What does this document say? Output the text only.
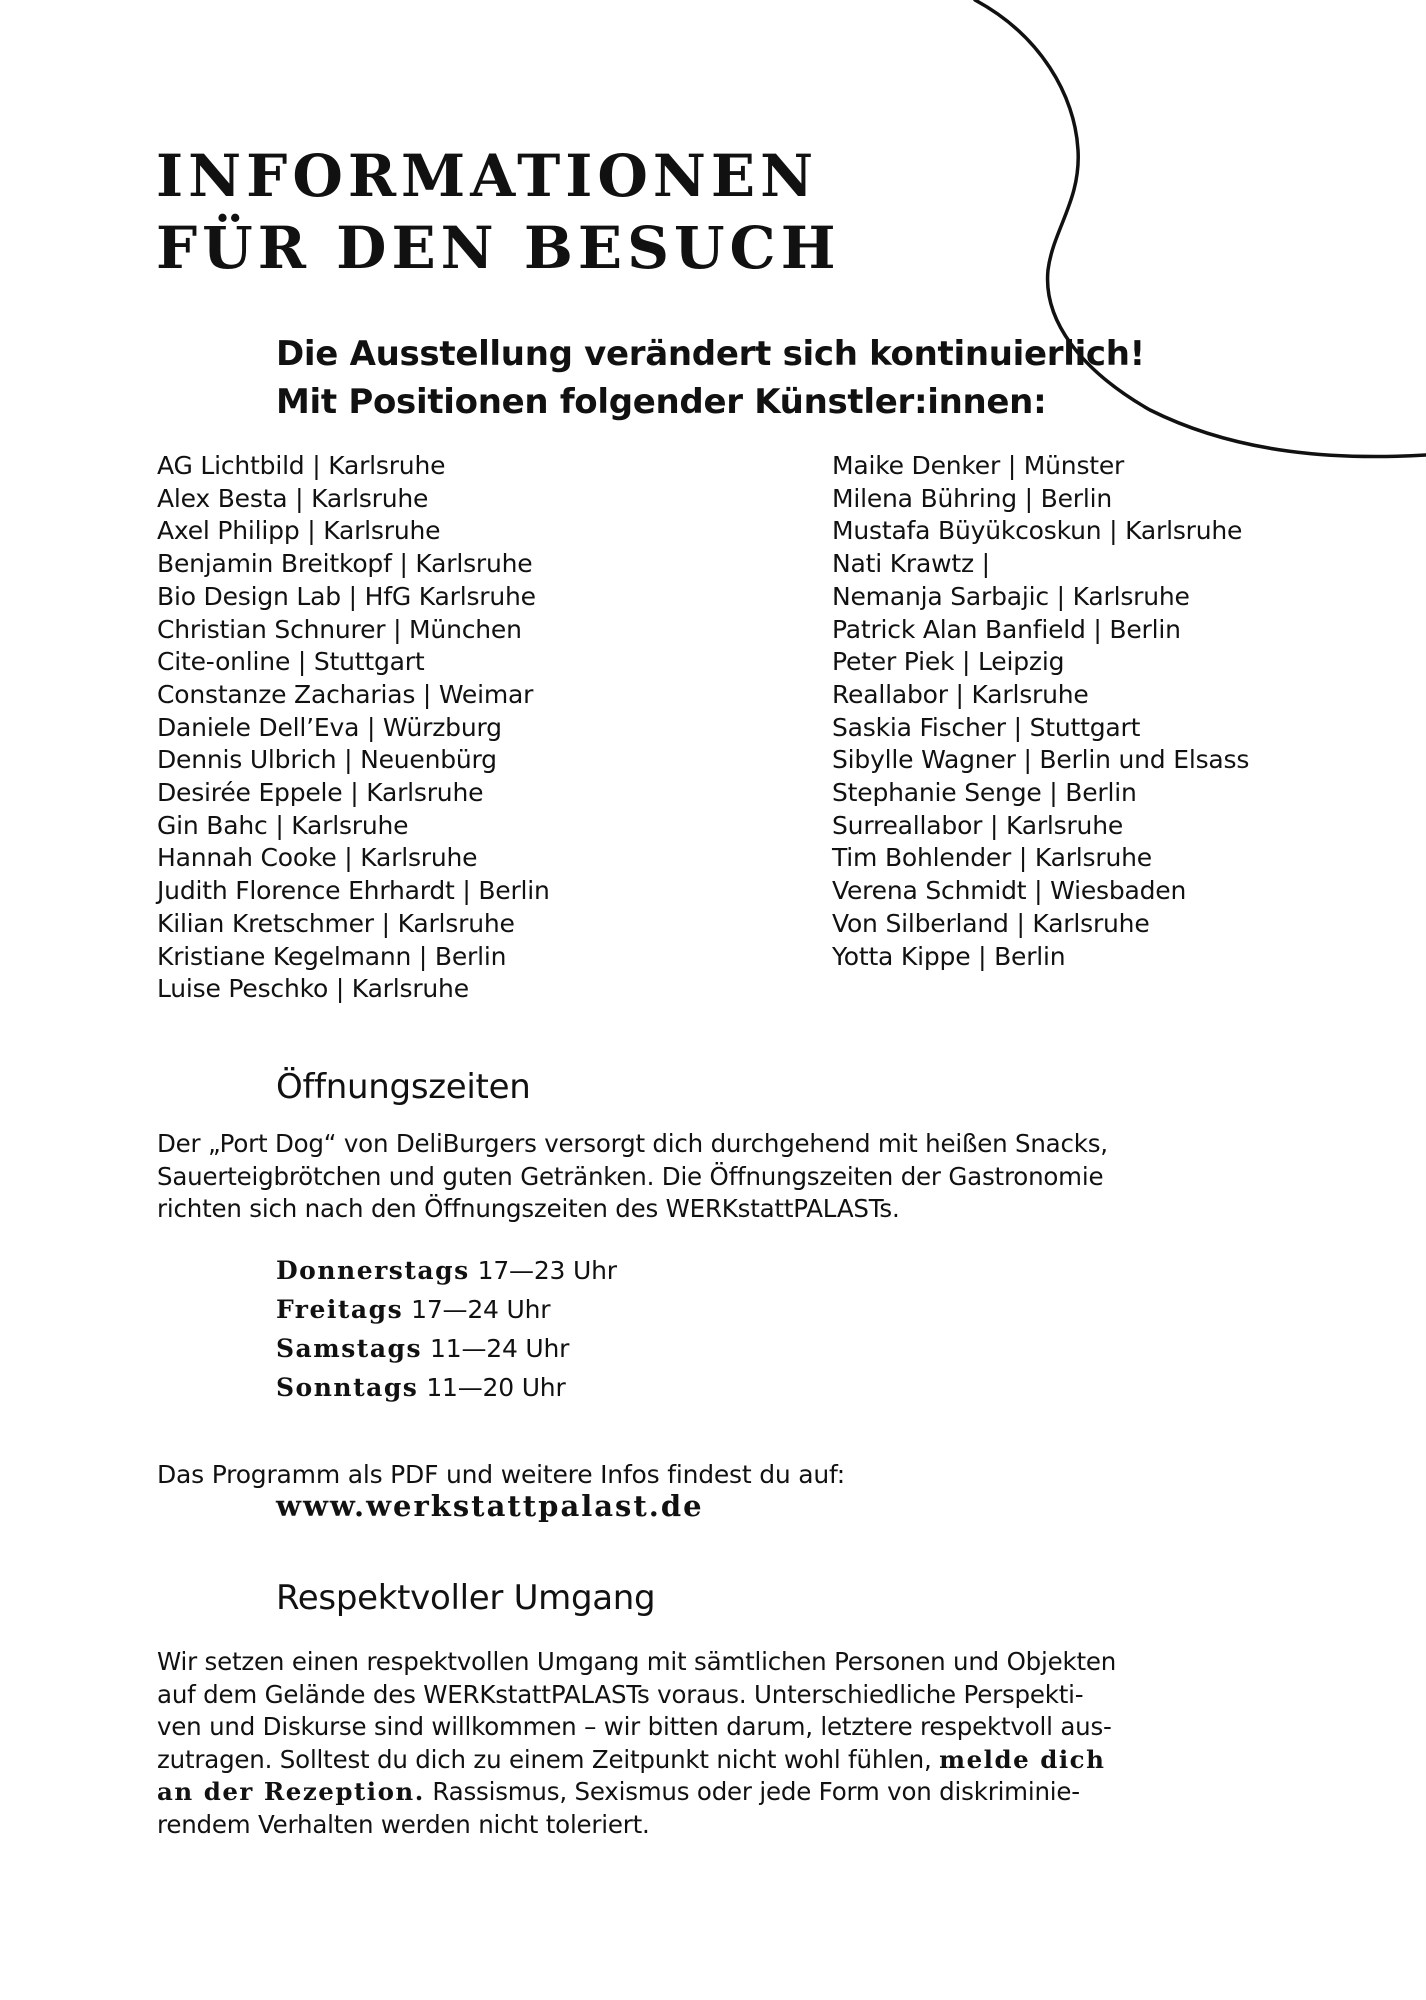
INFORMATIONEN
FÜR DEN BESUCH
Die Ausstellung verändert sich kontinuierlich!
Mit Positionen folgender Künstler:innen:
AG Lichtbild | Karlsruhe
Alex Besta | Karlsruhe
Axel Philipp | Karlsruhe
Benjamin Breitkopf | Karlsruhe
Bio Design Lab | HfG Karlsruhe
Christian Schnurer | München
Cite-online | Stuttgart
Constanze Zacharias | Weimar
Daniele Dell’Eva | Würzburg
Dennis Ulbrich | Neuenbürg
Desirée Eppele | Karlsruhe
Gin Bahc | Karlsruhe
Hannah Cooke | Karlsruhe
Judith Florence Ehrhardt | Berlin
Kilian Kretschmer | Karlsruhe
Kristiane Kegelmann | Berlin
Luise Peschko | Karlsruhe
Maike Denker | Münster
Milena Bühring | Berlin
Mustafa Büyükcoskun | Karlsruhe
Nati Krawtz |
Nemanja Sarbajic | Karlsruhe
Patrick Alan Banfield | Berlin
Peter Piek | Leipzig
Reallabor | Karlsruhe
Saskia Fischer | Stuttgart
Sibylle Wagner | Berlin und Elsass
Stephanie Senge | Berlin
Surreallabor | Karlsruhe
Tim Bohlender | Karlsruhe
Verena Schmidt | Wiesbaden
Von Silberland | Karlsruhe
Yotta Kippe | Berlin
Öffnungszeiten

Der „Port Dog“ von DeliBurgers versorgt dich durchgehend mit heißen Snacks,
Sauerteigbrötchen und guten Getränken. Die Öffnungszeiten der Gastronomie
richten sich nach den Öffnungszeiten des WERKstattPALASTs.

Donnerstags 17—23 Uhr
Freitags 17—24 Uhr
Samstags 11—24 Uhr
Sonntags 11—20 Uhr

Das Programm als PDF und weitere Infos findest du auf:

www.werkstattpalast.de
Respektvoller Umgang

Wir setzen einen respektvollen Umgang mit sämtlichen Personen und Objekten
auf dem Gelände des WERKstattPALASTs voraus. Unterschiedliche Perspekti-
ven und Diskurse sind willkommen – wir bitten darum, letztere respektvoll aus-
zutragen. Solltest du dich zu einem Zeitpunkt nicht wohl fühlen, melde dich
an der Rezeption. Rassismus, Sexismus oder jede Form von diskriminie-
rendem Verhalten werden nicht toleriert.
